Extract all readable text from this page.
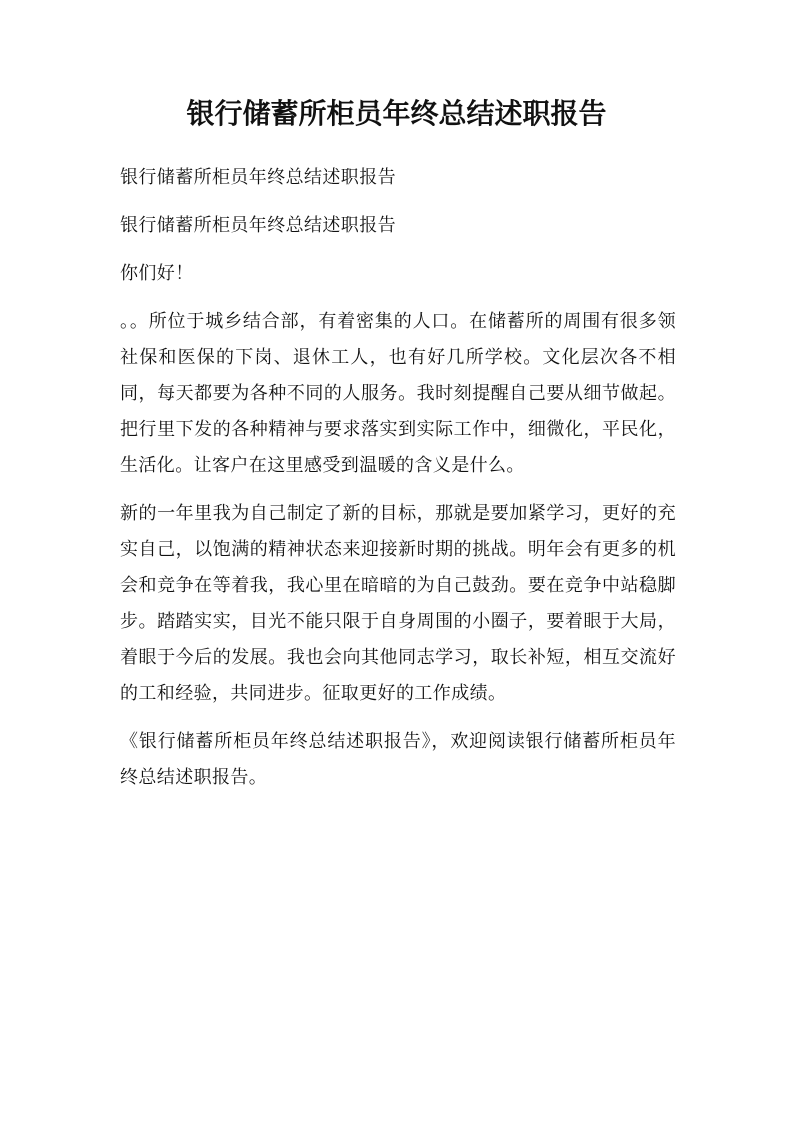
银行储蓄所柜员年终总结述职报告

银行储蓄所柜员年终总结述职报告

银行储蓄所柜员年终总结述职报告

你们好！

。。所位于城乡结合部，有着密集的人口。在储蓄所的周围有很多领社保和医保的下岗、退休工人，也有好几所学校。文化层次各不相同，每天都要为各种不同的人服务。我时刻提醒自己要从细节做起。把行里下发的各种精神与要求落实到实际工作中，细微化，平民化，生活化。让客户在这里感受到温暖的含义是什么。

新的一年里我为自己制定了新的目标，那就是要加紧学习，更好的充实自己，以饱满的精神状态来迎接新时期的挑战。明年会有更多的机会和竞争在等着我，我心里在暗暗的为自己鼓劲。要在竞争中站稳脚步。踏踏实实，目光不能只限于自身周围的小圈子，要着眼于大局，着眼于今后的发展。我也会向其他同志学习，取长补短，相互交流好的工和经验，共同进步。征取更好的工作成绩。

《银行储蓄所柜员年终总结述职报告》，欢迎阅读银行储蓄所柜员年终总结述职报告。
